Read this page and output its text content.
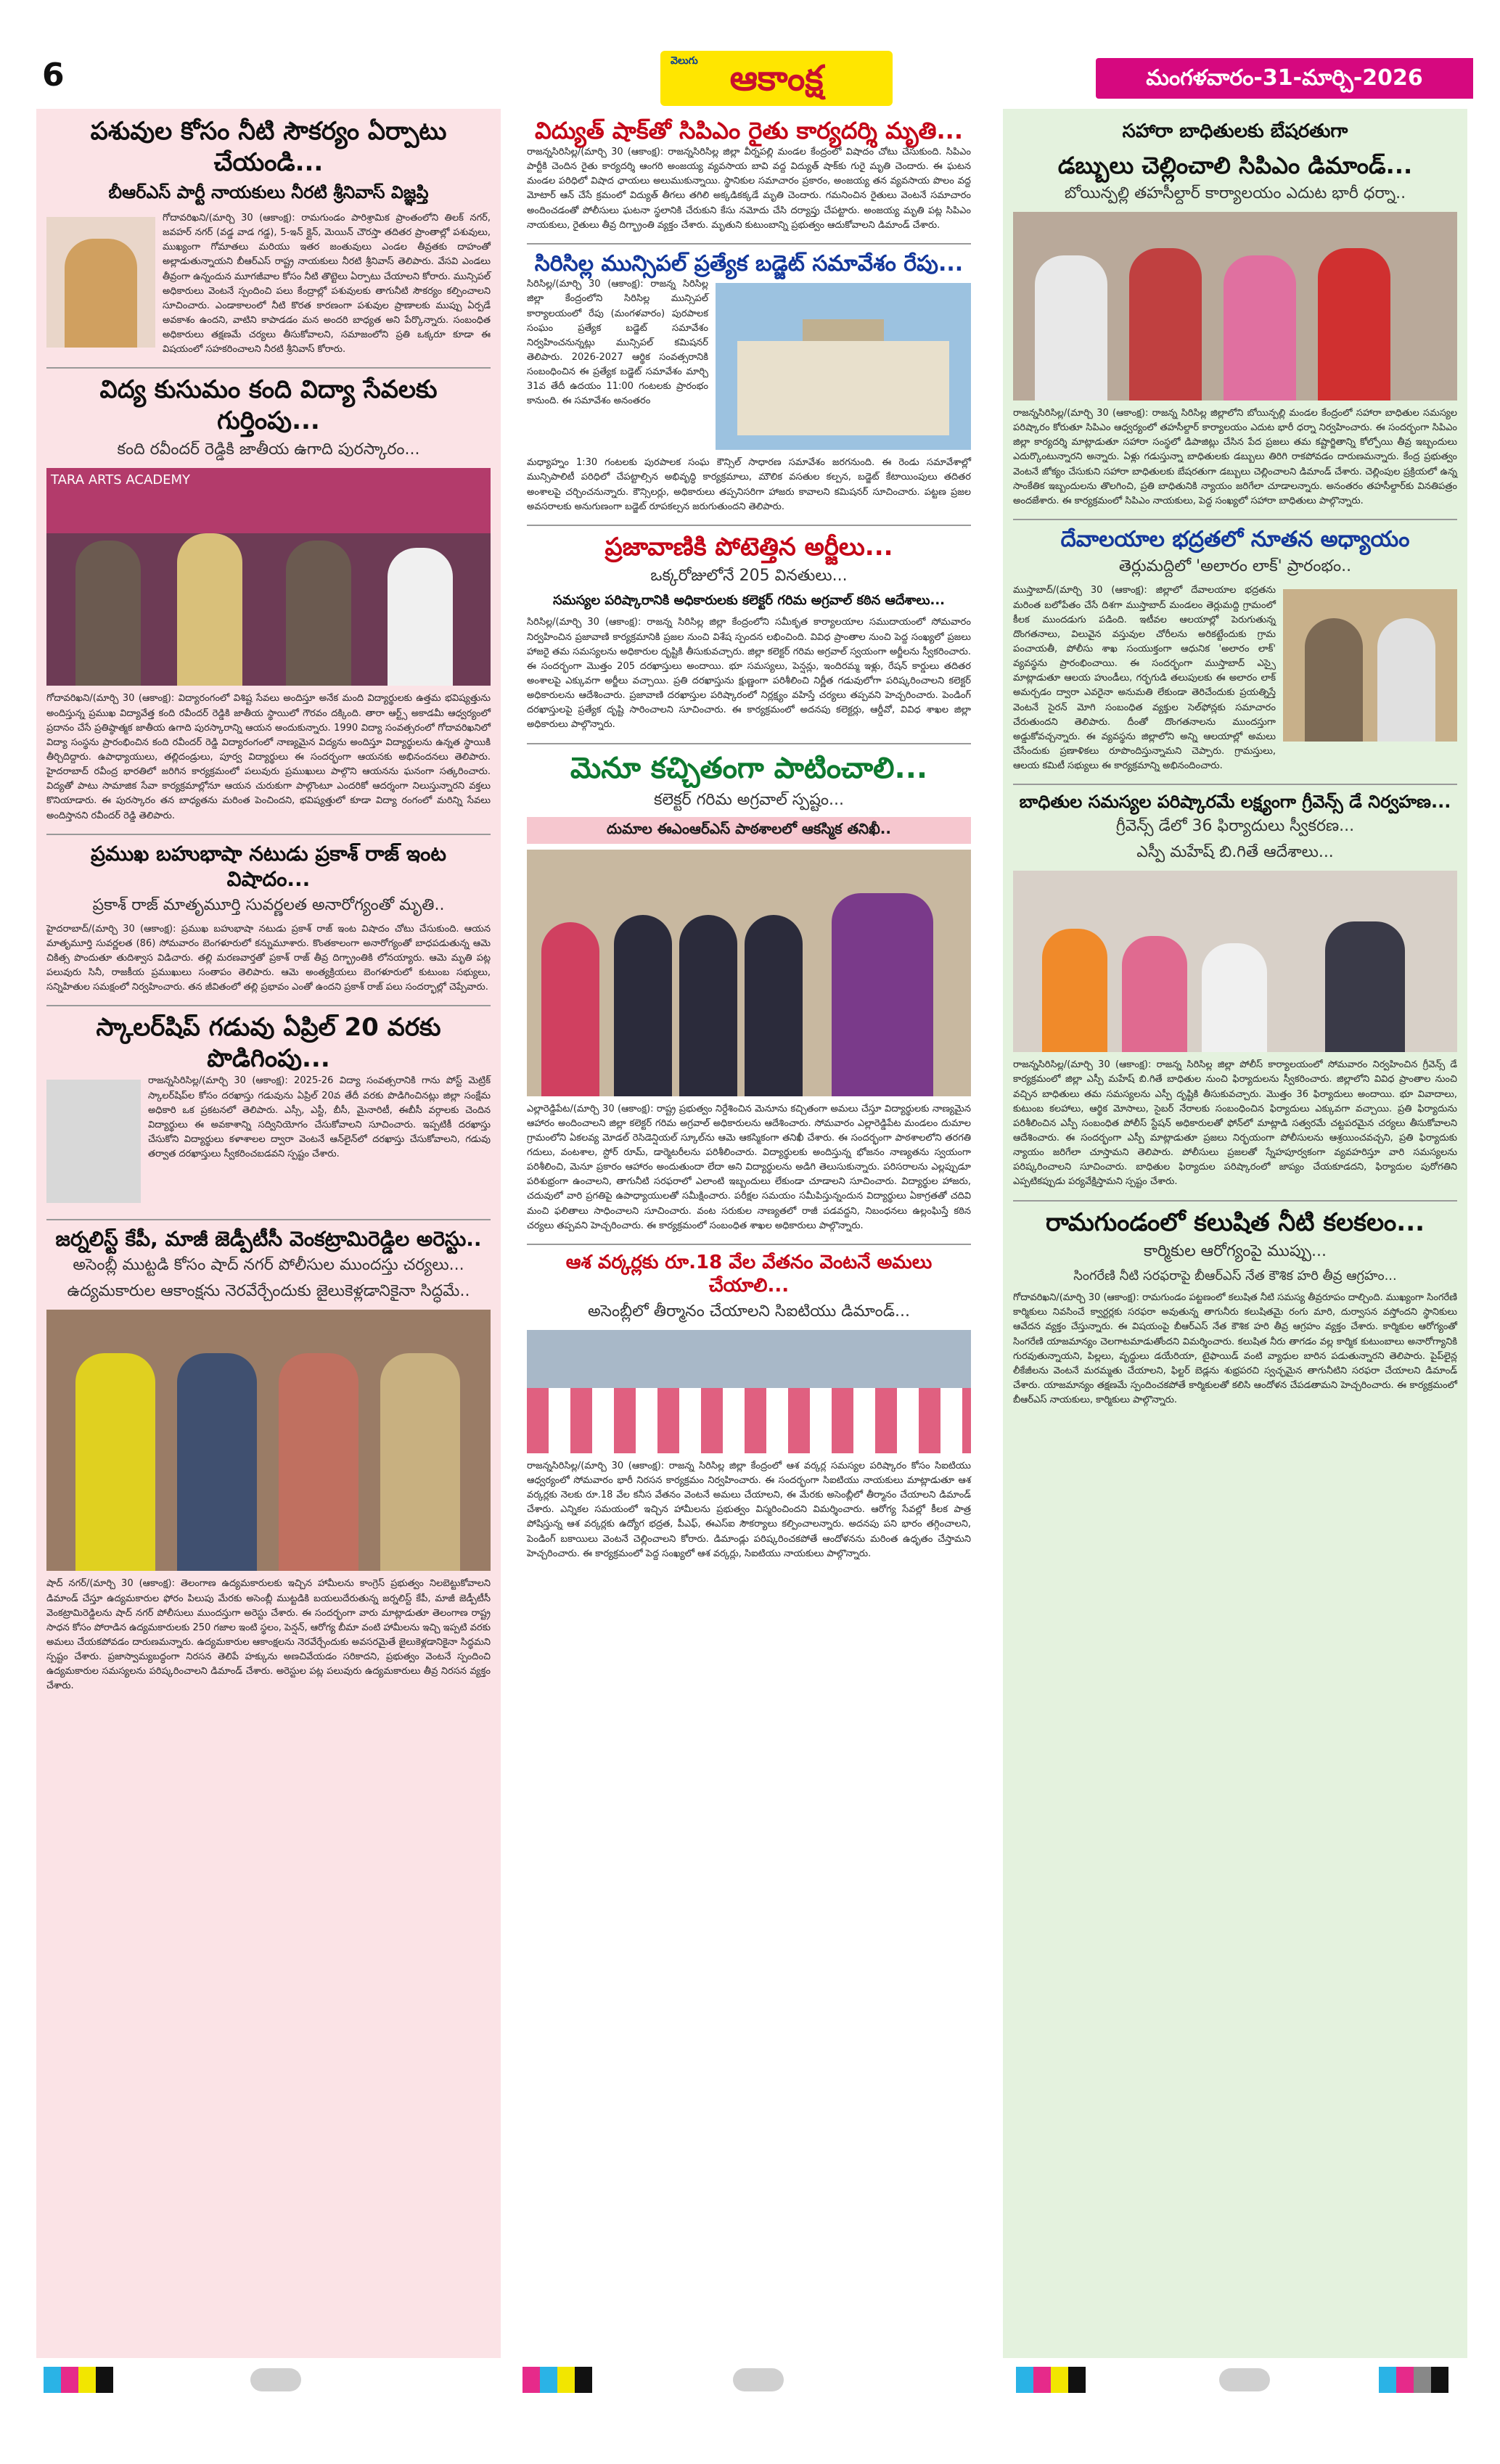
6	వెలుగు ఆకాంక్ష	మంగళవారం-31-మార్చి-2026
పశువుల కోసం నీటి సౌకర్యం ఏర్పాటు చేయండి...
బీఆర్ఎస్ పార్టీ నాయకులు నీరటి శ్రీనివాస్ విజ్ఞప్తి
గోదావరిఖని/(మార్చి 30 (ఆకాంక్ష): రామగుండం పారిశ్రామిక ప్రాంతంలోని తిలక్ నగర్, జవహర్ నగర్ (వడ్డ వాడ గడ్డ), 5-ఇన్ క్లైన్, మెయిన్ చౌరస్తా తదితర ప్రాంతాల్లో పశువులు, ముఖ్యంగా గోమాతలు మరియు ఇతర జంతువులు ఎండల తీవ్రతకు దాహంతో అల్లాడుతున్నాయని బీఆర్ఎస్ రాష్ట్ర నాయకులు నీరటి శ్రీనివాస్ తెలిపారు. వేసవి ఎండలు తీవ్రంగా ఉన్నందున మూగజీవాల కోసం నీటి తొట్టెలు ఏర్పాటు చేయాలని కోరారు. మున్సిపల్ అధికారులు వెంటనే స్పందించి పలు కేంద్రాల్లో పశువులకు తాగునీటి సౌకర్యం కల్పించాలని సూచించారు. ఎండాకాలంలో నీటి కొరత కారణంగా పశువుల ప్రాణాలకు ముప్పు ఏర్పడే అవకాశం ఉందని, వాటిని కాపాడడం మన అందరి బాధ్యత అని పేర్కొన్నారు. సంబంధిత అధికారులు తక్షణమే చర్యలు తీసుకోవాలని, సమాజంలోని ప్రతి ఒక్కరూ కూడా ఈ విషయంలో సహకరించాలని నీరటి శ్రీనివాస్ కోరారు.
విద్య కుసుమం కంది విద్యా సేవలకు గుర్తింపు...
కంది రవీందర్ రెడ్డికి జాతీయ ఉగాది పురస్కారం...
TARA ARTS ACADEMY
గోదావరిఖని/(మార్చి 30 (ఆకాంక్ష): విద్యారంగంలో విశిష్ట సేవలు అందిస్తూ అనేక మంది విద్యార్థులకు ఉత్తమ భవిష్యత్తును అందిస్తున్న ప్రముఖ విద్యావేత్త కంది రవీందర్ రెడ్డికి జాతీయ స్థాయిలో గౌరవం దక్కింది. తారా ఆర్ట్స్ అకాడమీ ఆధ్వర్యంలో ప్రదానం చేసే ప్రతిష్ఠాత్మక జాతీయ ఉగాది పురస్కారాన్ని ఆయన అందుకున్నారు. 1990 విద్యా సంవత్సరంలో గోదావరిఖనిలో విద్యా సంస్థను ప్రారంభించిన కంది రవీందర్ రెడ్డి విద్యారంగంలో నాణ్యమైన విద్యను అందిస్తూ విద్యార్థులను ఉన్నత స్థాయికి తీర్చిదిద్దారు. ఉపాధ్యాయులు, తల్లిదండ్రులు, పూర్వ విద్యార్థులు ఈ సందర్భంగా ఆయనకు అభినందనలు తెలిపారు. హైదరాబాద్ రవీంద్ర భారతిలో జరిగిన కార్యక్రమంలో పలువురు ప్రముఖులు పాల్గొని ఆయనను ఘనంగా సత్కరించారు. విద్యతో పాటు సామాజిక సేవా కార్యక్రమాల్లోనూ ఆయన చురుకుగా పాల్గొంటూ ఎందరికో ఆదర్శంగా నిలుస్తున్నారని వక్తలు కొనియాడారు. ఈ పురస్కారం తన బాధ్యతను మరింత పెంచిందని, భవిష్యత్తులో కూడా విద్యా రంగంలో మరిన్ని సేవలు అందిస్తానని రవీందర్ రెడ్డి తెలిపారు.
ప్రముఖ బహుభాషా నటుడు ప్రకాశ్ రాజ్ ఇంట విషాదం...
ప్రకాశ్ రాజ్ మాతృమూర్తి సువర్ణలత అనారోగ్యంతో మృతి..
హైదరాబాద్/(మార్చి 30 (ఆకాంక్ష): ప్రముఖ బహుభాషా నటుడు ప్రకాశ్ రాజ్ ఇంట విషాదం చోటు చేసుకుంది. ఆయన మాతృమూర్తి సువర్ణలత (86) సోమవారం బెంగళూరులో కన్నుమూశారు. కొంతకాలంగా అనారోగ్యంతో బాధపడుతున్న ఆమె చికిత్స పొందుతూ తుదిశ్వాస విడిచారు. తల్లి మరణవార్తతో ప్రకాశ్ రాజ్ తీవ్ర దిగ్భ్రాంతికి లోనయ్యారు. ఆమె మృతి పట్ల పలువురు సినీ, రాజకీయ ప్రముఖులు సంతాపం తెలిపారు. ఆమె అంత్యక్రియలు బెంగళూరులో కుటుంబ సభ్యులు, సన్నిహితుల సమక్షంలో నిర్వహించారు. తన జీవితంలో తల్లి ప్రభావం ఎంతో ఉందని ప్రకాశ్ రాజ్ పలు సందర్భాల్లో చెప్పేవారు.
స్కాలర్‌షిప్ గడువు ఏప్రిల్ 20 వరకు పొడిగింపు...
రాజన్నసిరిసిల్ల/(మార్చి 30 (ఆకాంక్ష): 2025-26 విద్యా సంవత్సరానికి గాను పోస్ట్ మెట్రిక్ స్కాలర్‌షిప్‌ల కోసం దరఖాస్తు గడువును ఏప్రిల్ 20వ తేదీ వరకు పొడిగించినట్లు జిల్లా సంక్షేమ అధికారి ఒక ప్రకటనలో తెలిపారు. ఎస్సీ, ఎస్టీ, బీసీ, మైనారిటీ, ఈబీసీ వర్గాలకు చెందిన విద్యార్థులు ఈ అవకాశాన్ని సద్వినియోగం చేసుకోవాలని సూచించారు. ఇప్పటికీ దరఖాస్తు చేసుకోని విద్యార్థులు కళాశాలల ద్వారా వెంటనే ఆన్‌లైన్‌లో దరఖాస్తు చేసుకోవాలని, గడువు తర్వాత దరఖాస్తులు స్వీకరించబడవని స్పష్టం చేశారు.
జర్నలిస్ట్ కేపీ, మాజీ జెడ్పీటీసీ వెంకట్రామిరెడ్డిల అరెస్టు..
అసెంబ్లీ ముట్టడి కోసం షాద్ నగర్ పోలీసుల ముందస్తు చర్యలు...
ఉద్యమకారుల ఆకాంక్షను నెరవేర్చేందుకు జైలుకెళ్లడానికైనా సిద్ధమే..
షాద్ నగర్/(మార్చి 30 (ఆకాంక్ష): తెలంగాణ ఉద్యమకారులకు ఇచ్చిన హామీలను కాంగ్రెస్ ప్రభుత్వం నిలబెట్టుకోవాలని డిమాండ్ చేస్తూ ఉద్యమకారుల ఫోరం పిలుపు మేరకు అసెంబ్లీ ముట్టడికి బయలుదేరుతున్న జర్నలిస్ట్ కేపీ, మాజీ జెడ్పీటీసీ వెంకట్రామిరెడ్డిలను షాద్ నగర్ పోలీసులు ముందస్తుగా అరెస్టు చేశారు. ఈ సందర్భంగా వారు మాట్లాడుతూ తెలంగాణ రాష్ట్ర సాధన కోసం పోరాడిన ఉద్యమకారులకు 250 గజాల ఇంటి స్థలం, పెన్షన్, ఆరోగ్య బీమా వంటి హామీలను ఇచ్చి ఇప్పటి వరకు అమలు చేయకపోవడం దారుణమన్నారు. ఉద్యమకారుల ఆకాంక్షలను నెరవేర్చేందుకు అవసరమైతే జైలుకెళ్లడానికైనా సిద్ధమని స్పష్టం చేశారు. ప్రజాస్వామ్యబద్ధంగా నిరసన తెలిపే హక్కును అణచివేయడం సరికాదని, ప్రభుత్వం వెంటనే స్పందించి ఉద్యమకారుల సమస్యలను పరిష్కరించాలని డిమాండ్ చేశారు. అరెస్టుల పట్ల పలువురు ఉద్యమకారులు తీవ్ర నిరసన వ్యక్తం చేశారు.
విద్యుత్ షాక్‌తో సిపిఎం రైతు కార్యదర్శి మృతి...
రాజన్నసిరిసిల్ల/(మార్చి 30 (ఆకాంక్ష): రాజన్నసిరిసిల్ల జిల్లా వీర్నపల్లి మండల కేంద్రంలో విషాదం చోటు చేసుకుంది. సిపిఎం పార్టీకి చెందిన రైతు కార్యదర్శి ఆంగరి అంజయ్య వ్యవసాయ బావి వద్ద విద్యుత్ షాక్‌కు గురై మృతి చెందారు. ఈ ఘటన మండల పరిధిలో విషాద ఛాయలు అలుముకున్నాయి. స్థానికుల సమాచారం ప్రకారం, అంజయ్య తన వ్యవసాయ పొలం వద్ద మోటార్ ఆన్ చేసే క్రమంలో విద్యుత్ తీగలు తగిలి అక్కడికక్కడే మృతి చెందారు. గమనించిన రైతులు వెంటనే సమాచారం అందించడంతో పోలీసులు ఘటనా స్థలానికి చేరుకుని కేసు నమోదు చేసి దర్యాప్తు చేపట్టారు. అంజయ్య మృతి పట్ల సిపిఎం నాయకులు, రైతులు తీవ్ర దిగ్భ్రాంతి వ్యక్తం చేశారు. మృతుని కుటుంబాన్ని ప్రభుత్వం ఆదుకోవాలని డిమాండ్ చేశారు.
సిరిసిల్ల మున్సిపల్ ప్రత్యేక బడ్జెట్ సమావేశం రేపు...
సిరిసిల్ల/(మార్చి 30 (ఆకాంక్ష): రాజన్న సిరిసిల్ల జిల్లా కేంద్రంలోని సిరిసిల్ల మున్సిపల్ కార్యాలయంలో రేపు (మంగళవారం) పురపాలక సంఘం ప్రత్యేక బడ్జెట్ సమావేశం నిర్వహించనున్నట్లు మున్సిపల్ కమిషనర్ తెలిపారు. 2026-2027 ఆర్థిక సంవత్సరానికి సంబంధించిన ఈ ప్రత్యేక బడ్జెట్ సమావేశం మార్చి 31వ తేదీ ఉదయం 11:00 గంటలకు ప్రారంభం కానుంది. ఈ సమావేశం అనంతరం
మధ్యాహ్నం 1:30 గంటలకు పురపాలక సంఘ కౌన్సిల్ సాధారణ సమావేశం జరగనుంది. ఈ రెండు సమావేశాల్లో మున్సిపాలిటీ పరిధిలో చేపట్టాల్సిన అభివృద్ధి కార్యక్రమాలు, మౌలిక వసతుల కల్పన, బడ్జెట్ కేటాయింపులు తదితర అంశాలపై చర్చించనున్నారు. కౌన్సిలర్లు, అధికారులు తప్పనిసరిగా హాజరు కావాలని కమిషనర్ సూచించారు. పట్టణ ప్రజల అవసరాలకు అనుగుణంగా బడ్జెట్ రూపకల్పన జరుగుతుందని తెలిపారు.
ప్రజావాణికి పోటెత్తిన అర్జీలు...
ఒక్కరోజులోనే 205 వినతులు...
సమస్యల పరిష్కారానికి అధికారులకు కలెక్టర్ గరిమ అగ్రవాల్ కఠిన ఆదేశాలు...
సిరిసిల్ల/(మార్చి 30 (ఆకాంక్ష): రాజన్న సిరిసిల్ల జిల్లా కేంద్రంలోని సమీకృత కార్యాలయాల సముదాయంలో సోమవారం నిర్వహించిన ప్రజావాణి కార్యక్రమానికి ప్రజల నుంచి విశేష స్పందన లభించింది. వివిధ ప్రాంతాల నుంచి పెద్ద సంఖ్యలో ప్రజలు హాజరై తమ సమస్యలను అధికారుల దృష్టికి తీసుకువచ్చారు. జిల్లా కలెక్టర్ గరిమ అగ్రవాల్ స్వయంగా అర్జీలను స్వీకరించారు. ఈ సందర్భంగా మొత్తం 205 దరఖాస్తులు అందాయి. భూ సమస్యలు, పెన్షన్లు, ఇందిరమ్మ ఇళ్లు, రేషన్ కార్డులు తదితర అంశాలపై ఎక్కువగా అర్జీలు వచ్చాయి. ప్రతి దరఖాస్తును క్షుణ్ణంగా పరిశీలించి నిర్ణీత గడువులోగా పరిష్కరించాలని కలెక్టర్ అధికారులను ఆదేశించారు. ప్రజావాణి దరఖాస్తుల పరిష్కారంలో నిర్లక్ష్యం వహిస్తే చర్యలు తప్పవని హెచ్చరించారు. పెండింగ్ దరఖాస్తులపై ప్రత్యేక దృష్టి సారించాలని సూచించారు. ఈ కార్యక్రమంలో అదనపు కలెక్టర్లు, ఆర్డీవో, వివిధ శాఖల జిల్లా అధికారులు పాల్గొన్నారు.
మెనూ కచ్చితంగా పాటించాలి...
కలెక్టర్ గరిమ అగ్రవాల్ స్పష్టం...
దుమాల ఈఎంఆర్ఎస్ పాఠశాలలో ఆకస్మిక తనిఖీ..
ఎల్లారెడ్డిపేట/(మార్చి 30 (ఆకాంక్ష): రాష్ట్ర ప్రభుత్వం నిర్దేశించిన మెనూను కచ్చితంగా అమలు చేస్తూ విద్యార్థులకు నాణ్యమైన ఆహారం అందించాలని జిల్లా కలెక్టర్ గరిమ అగ్రవాల్ అధికారులను ఆదేశించారు. సోమవారం ఎల్లారెడ్డిపేట మండలం దుమాల గ్రామంలోని ఏకలవ్య మోడల్ రెసిడెన్షియల్ స్కూల్‌ను ఆమె ఆకస్మికంగా తనిఖీ చేశారు. ఈ సందర్భంగా పాఠశాలలోని తరగతి గదులు, వంటశాల, స్టోర్ రూమ్, డార్మెటరీలను పరిశీలించారు. విద్యార్థులకు అందిస్తున్న భోజనం నాణ్యతను స్వయంగా పరిశీలించి, మెనూ ప్రకారం ఆహారం అందుతుందా లేదా అని విద్యార్థులను అడిగి తెలుసుకున్నారు. పరిసరాలను ఎల్లప్పుడూ పరిశుభ్రంగా ఉంచాలని, తాగునీటి సరఫరాలో ఎలాంటి ఇబ్బందులు లేకుండా చూడాలని సూచించారు. విద్యార్థుల హాజరు, చదువులో వారి ప్రగతిపై ఉపాధ్యాయులతో సమీక్షించారు. పరీక్షల సమయం సమీపిస్తున్నందున విద్యార్థులు ఏకాగ్రతతో చదివి మంచి ఫలితాలు సాధించాలని సూచించారు. వంట సరుకుల నాణ్యతలో రాజీ పడవద్దని, నిబంధనలు ఉల్లంఘిస్తే కఠిన చర్యలు తప్పవని హెచ్చరించారు. ఈ కార్యక్రమంలో సంబంధిత శాఖల అధికారులు పాల్గొన్నారు.
ఆశ వర్కర్లకు రూ.18 వేల వేతనం వెంటనే అమలు చేయాలి...
అసెంబ్లీలో తీర్మానం చేయాలని సిఐటియు డిమాండ్...
రాజన్నసిరిసిల్ల/(మార్చి 30 (ఆకాంక్ష): రాజన్న సిరిసిల్ల జిల్లా కేంద్రంలో ఆశ వర్కర్ల సమస్యల పరిష్కారం కోసం సిఐటియు ఆధ్వర్యంలో సోమవారం భారీ నిరసన కార్యక్రమం నిర్వహించారు. ఈ సందర్భంగా సిఐటియు నాయకులు మాట్లాడుతూ ఆశ వర్కర్లకు నెలకు రూ.18 వేల కనీస వేతనం వెంటనే అమలు చేయాలని, ఈ మేరకు అసెంబ్లీలో తీర్మానం చేయాలని డిమాండ్ చేశారు. ఎన్నికల సమయంలో ఇచ్చిన హామీలను ప్రభుత్వం విస్మరించిందని విమర్శించారు. ఆరోగ్య సేవల్లో కీలక పాత్ర పోషిస్తున్న ఆశ వర్కర్లకు ఉద్యోగ భద్రత, పీఎఫ్, ఈఎస్ఐ సౌకర్యాలు కల్పించాలన్నారు. అదనపు పని భారం తగ్గించాలని, పెండింగ్ బకాయిలు వెంటనే చెల్లించాలని కోరారు. డిమాండ్లు పరిష్కరించకపోతే ఆందోళనను మరింత ఉధృతం చేస్తామని హెచ్చరించారు. ఈ కార్యక్రమంలో పెద్ద సంఖ్యలో ఆశ వర్కర్లు, సిఐటియు నాయకులు పాల్గొన్నారు.
సహారా బాధితులకు బేషరతుగా
డబ్బులు చెల్లించాలి సిపిఎం డిమాండ్...
బోయిన్పల్లి తహసీల్దార్ కార్యాలయం ఎదుట భారీ ధర్నా..
రాజన్నసిరిసిల్ల/(మార్చి 30 (ఆకాంక్ష): రాజన్న సిరిసిల్ల జిల్లాలోని బోయిన్పల్లి మండల కేంద్రంలో సహారా బాధితుల సమస్యల పరిష్కారం కోరుతూ సిపిఎం ఆధ్వర్యంలో తహసీల్దార్ కార్యాలయం ఎదుట భారీ ధర్నా నిర్వహించారు. ఈ సందర్భంగా సిపిఎం జిల్లా కార్యదర్శి మాట్లాడుతూ సహారా సంస్థలో డిపాజిట్లు చేసిన పేద ప్రజలు తమ కష్టార్జితాన్ని కోల్పోయి తీవ్ర ఇబ్బందులు ఎదుర్కొంటున్నారని అన్నారు. ఏళ్లు గడుస్తున్నా బాధితులకు డబ్బులు తిరిగి రాకపోవడం దారుణమన్నారు. కేంద్ర ప్రభుత్వం వెంటనే జోక్యం చేసుకుని సహారా బాధితులకు బేషరతుగా డబ్బులు చెల్లించాలని డిమాండ్ చేశారు. చెల్లింపుల ప్రక్రియలో ఉన్న సాంకేతిక ఇబ్బందులను తొలగించి, ప్రతి బాధితునికి న్యాయం జరిగేలా చూడాలన్నారు. అనంతరం తహసీల్దార్‌కు వినతిపత్రం అందజేశారు. ఈ కార్యక్రమంలో సిపిఎం నాయకులు, పెద్ద సంఖ్యలో సహారా బాధితులు పాల్గొన్నారు.
దేవాలయాల భద్రతలో నూతన అధ్యాయం
తెర్లుమద్దిలో 'అలారం లాక్' ప్రారంభం..
ముస్తాబాద్/(మార్చి 30 (ఆకాంక్ష): జిల్లాలో దేవాలయాల భద్రతను మరింత బలోపేతం చేసే దిశగా ముస్తాబాద్ మండలం తెర్లుమద్ది గ్రామంలో కీలక ముందడుగు పడింది. ఇటీవల ఆలయాల్లో పెరుగుతున్న దొంగతనాలు, విలువైన వస్తువుల చోరీలను అరికట్టేందుకు గ్రామ పంచాయతీ, పోలీసు శాఖ సంయుక్తంగా ఆధునిక 'అలారం లాక్' వ్యవస్థను ప్రారంభించాయి. ఈ సందర్భంగా ముస్తాబాద్ ఎస్సై మాట్లాడుతూ ఆలయ హుండీలు, గర్భగుడి తలుపులకు ఈ అలారం లాక్ అమర్చడం ద్వారా ఎవరైనా అనుమతి లేకుండా తెరిచేందుకు ప్రయత్నిస్తే వెంటనే సైరన్ మోగి సంబంధిత వ్యక్తుల సెల్‌ఫోన్లకు సమాచారం చేరుతుందని తెలిపారు. దీంతో దొంగతనాలను ముందస్తుగా అడ్డుకోవచ్చన్నారు. ఈ వ్యవస్థను జిల్లాలోని అన్ని ఆలయాల్లో అమలు చేసేందుకు ప్రణాళికలు రూపొందిస్తున్నామని చెప్పారు. గ్రామస్తులు, ఆలయ కమిటీ సభ్యులు ఈ కార్యక్రమాన్ని అభినందించారు.
బాధితుల సమస్యల పరిష్కారమే లక్ష్యంగా గ్రీవెన్స్ డే నిర్వహణ...
గ్రీవెన్స్ డేలో 36 ఫిర్యాదులు స్వీకరణ...
ఎస్పీ మహేష్ బి.గితే ఆదేశాలు...
రాజన్నసిరిసిల్ల/(మార్చి 30 (ఆకాంక్ష): రాజన్న సిరిసిల్ల జిల్లా పోలీస్ కార్యాలయంలో సోమవారం నిర్వహించిన గ్రీవెన్స్ డే కార్యక్రమంలో జిల్లా ఎస్పీ మహేష్ బి.గితే బాధితుల నుంచి ఫిర్యాదులను స్వీకరించారు. జిల్లాలోని వివిధ ప్రాంతాల నుంచి వచ్చిన బాధితులు తమ సమస్యలను ఎస్పీ దృష్టికి తీసుకువచ్చారు. మొత్తం 36 ఫిర్యాదులు అందాయి. భూ వివాదాలు, కుటుంబ కలహాలు, ఆర్థిక మోసాలు, సైబర్ నేరాలకు సంబంధించిన ఫిర్యాదులు ఎక్కువగా వచ్చాయి. ప్రతి ఫిర్యాదును పరిశీలించిన ఎస్పీ సంబంధిత పోలీస్ స్టేషన్ అధికారులతో ఫోన్‌లో మాట్లాడి సత్వరమే చట్టపరమైన చర్యలు తీసుకోవాలని ఆదేశించారు. ఈ సందర్భంగా ఎస్పీ మాట్లాడుతూ ప్రజలు నిర్భయంగా పోలీసులను ఆశ్రయించవచ్చని, ప్రతి ఫిర్యాదుకు న్యాయం జరిగేలా చూస్తామని తెలిపారు. పోలీసులు ప్రజలతో స్నేహపూర్వకంగా వ్యవహరిస్తూ వారి సమస్యలను పరిష్కరించాలని సూచించారు. బాధితుల ఫిర్యాదుల పరిష్కారంలో జాప్యం చేయకూడదని, ఫిర్యాదుల పురోగతిని ఎప్పటికప్పుడు పర్యవేక్షిస్తామని స్పష్టం చేశారు.
రామగుండంలో కలుషిత నీటి కలకలం...
కార్మికుల ఆరోగ్యంపై ముప్పు...
సింగరేణి నీటి సరఫరాపై బీఆర్ఎస్ నేత కౌశిక హరి తీవ్ర ఆగ్రహం...
గోదావరిఖని/(మార్చి 30 (ఆకాంక్ష): రామగుండం పట్టణంలో కలుషిత నీటి సమస్య తీవ్రరూపం దాల్చింది. ముఖ్యంగా సింగరేణి కార్మికులు నివసించే క్వార్టర్లకు సరఫరా అవుతున్న తాగునీరు కలుషితమై రంగు మారి, దుర్వాసన వస్తోందని స్థానికులు ఆవేదన వ్యక్తం చేస్తున్నారు. ఈ విషయంపై బీఆర్ఎస్ నేత కౌశిక హరి తీవ్ర ఆగ్రహం వ్యక్తం చేశారు. కార్మికుల ఆరోగ్యంతో సింగరేణి యాజమాన్యం చెలగాటమాడుతోందని విమర్శించారు. కలుషిత నీరు తాగడం వల్ల కార్మిక కుటుంబాలు అనారోగ్యానికి గురవుతున్నాయని, పిల్లలు, వృద్ధులు డయేరియా, టైఫాయిడ్ వంటి వ్యాధుల బారిన పడుతున్నారని తెలిపారు. పైప్‌లైన్ల లీకేజీలను వెంటనే మరమ్మతు చేయాలని, ఫిల్టర్ బెడ్లను శుభ్రపరచి స్వచ్ఛమైన తాగునీటిని సరఫరా చేయాలని డిమాండ్ చేశారు. యాజమాన్యం తక్షణమే స్పందించకపోతే కార్మికులతో కలిసి ఆందోళన చేపడతామని హెచ్చరించారు. ఈ కార్యక్రమంలో బీఆర్ఎస్ నాయకులు, కార్మికులు పాల్గొన్నారు.
